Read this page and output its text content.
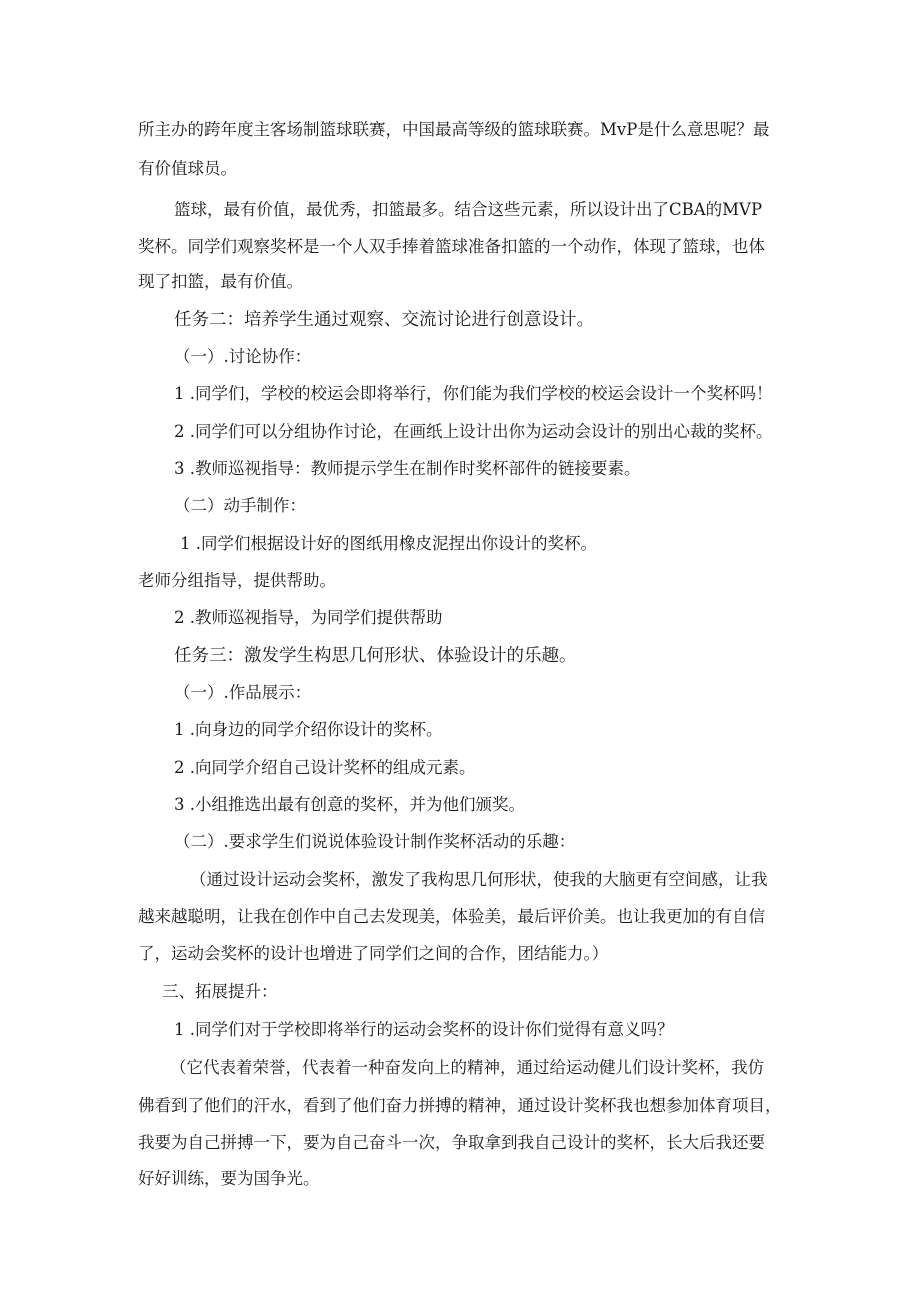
所主办的跨年度主客场制篮球联赛，中国最高等级的篮球联赛。MvP是什么意思呢？最
有价值球员。
篮球，最有价值，最优秀，扣篮最多。结合这些元素，所以设计出了CBA的MVP
奖杯。同学们观察奖杯是一个人双手捧着篮球准备扣篮的一个动作，体现了篮球，也体
现了扣篮，最有价值。
任务二：培养学生通过观察、交流讨论进行创意设计。
（一）.讨论协作：
1 .同学们，学校的校运会即将举行，你们能为我们学校的校运会设计一个奖杯吗！
2 .同学们可以分组协作讨论，在画纸上设计出你为运动会设计的别出心裁的奖杯。
3 .教师巡视指导：教师提示学生在制作时奖杯部件的链接要素。
（二）动手制作：
1 .同学们根据设计好的图纸用橡皮泥捏出你设计的奖杯。
老师分组指导，提供帮助。
2 .教师巡视指导，为同学们提供帮助
任务三：激发学生构思几何形状、体验设计的乐趣。
（一）.作品展示：
1 .向身边的同学介绍你设计的奖杯。
2 .向同学介绍自己设计奖杯的组成元素。
3 .小组推选出最有创意的奖杯，并为他们颁奖。
（二）.要求学生们说说体验设计制作奖杯活动的乐趣：
（通过设计运动会奖杯，激发了我构思几何形状，使我的大脑更有空间感，让我
越来越聪明，让我在创作中自己去发现美，体验美，最后评价美。也让我更加的有自信
了，运动会奖杯的设计也增进了同学们之间的合作，团结能力。）
三、拓展提升：
1 .同学们对于学校即将举行的运动会奖杯的设计你们觉得有意义吗？
（它代表着荣誉，代表着一种奋发向上的精神，通过给运动健儿们设计奖杯，我仿
佛看到了他们的汗水，看到了他们奋力拼搏的精神，通过设计奖杯我也想参加体育项目，
我要为自己拼搏一下，要为自己奋斗一次，争取拿到我自己设计的奖杯，长大后我还要
好好训练，要为国争光。
